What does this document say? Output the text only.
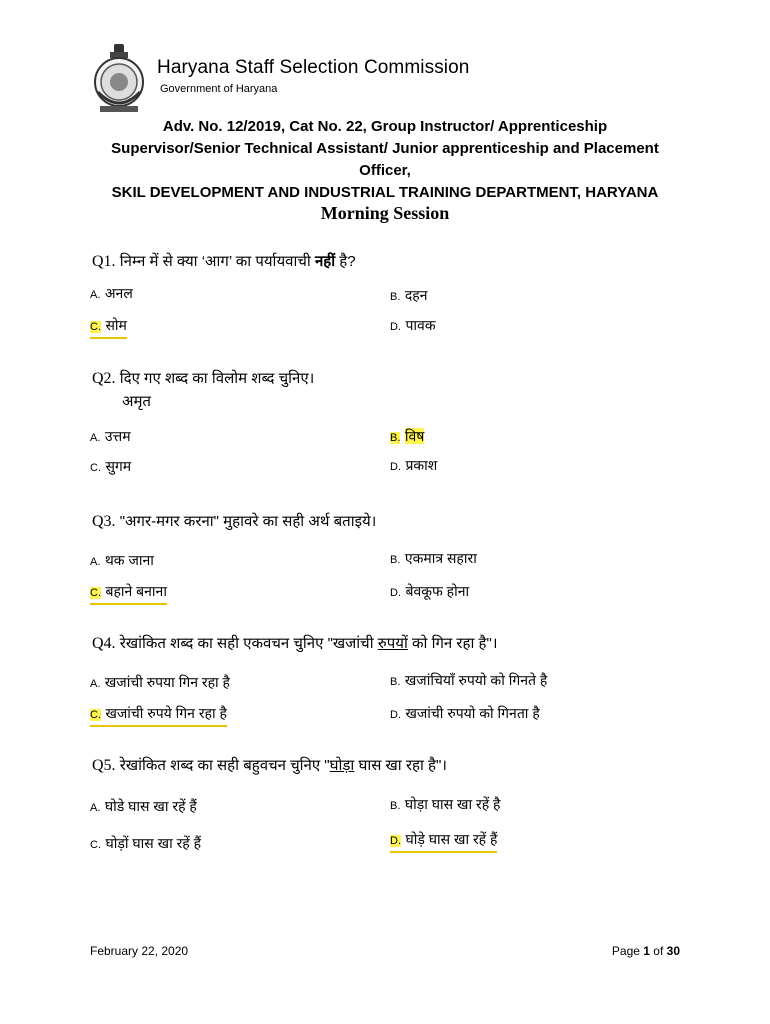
Haryana Staff Selection Commission
Government of Haryana
Adv. No. 12/2019, Cat No. 22, Group Instructor/ Apprenticeship
Supervisor/Senior Technical Assistant/ Junior apprenticeship and Placement
Officer,
SKIL DEVELOPMENT AND INDUSTRIAL TRAINING DEPARTMENT, HARYANA
Morning Session
Q1. निम्न में से क्या ‘आग’ का पर्यायवाची नहीं है?
A. अनल	B. दहन
C. सोम	D. पावक
Q2. दिए गए शब्द का विलोम शब्द चुनिए।
अमृत
A. उत्तम	B. विष
C. सुगम	D. प्रकाश
Q3. "अगर-मगर करना" मुहावरे का सही अर्थ बताइये।
A. थक जाना	B. एकमात्र सहारा
C. बहाने बनाना	D. बेवकूफ होना
Q4. रेखांकित शब्द का सही एकवचन चुनिए "खजांची रुपयों को गिन रहा है"।
A. खजांची रुपया गिन रहा है	B. खजांचियाँ रुपयो को गिनते है
C. खजांची रुपये गिन रहा है	D. खजांची रुपयो को गिनता है
Q5. रेखांकित शब्द का सही बहुवचन चुनिए "घोड़ा घास खा रहा है"।
A. घोडे घास खा रहें हैं	B. घोड़ा घास खा रहें है
C. घोड़ों घास खा रहें हैं	D. घोड़े घास खा रहें हैं
February 22, 2020	Page 1 of 30
